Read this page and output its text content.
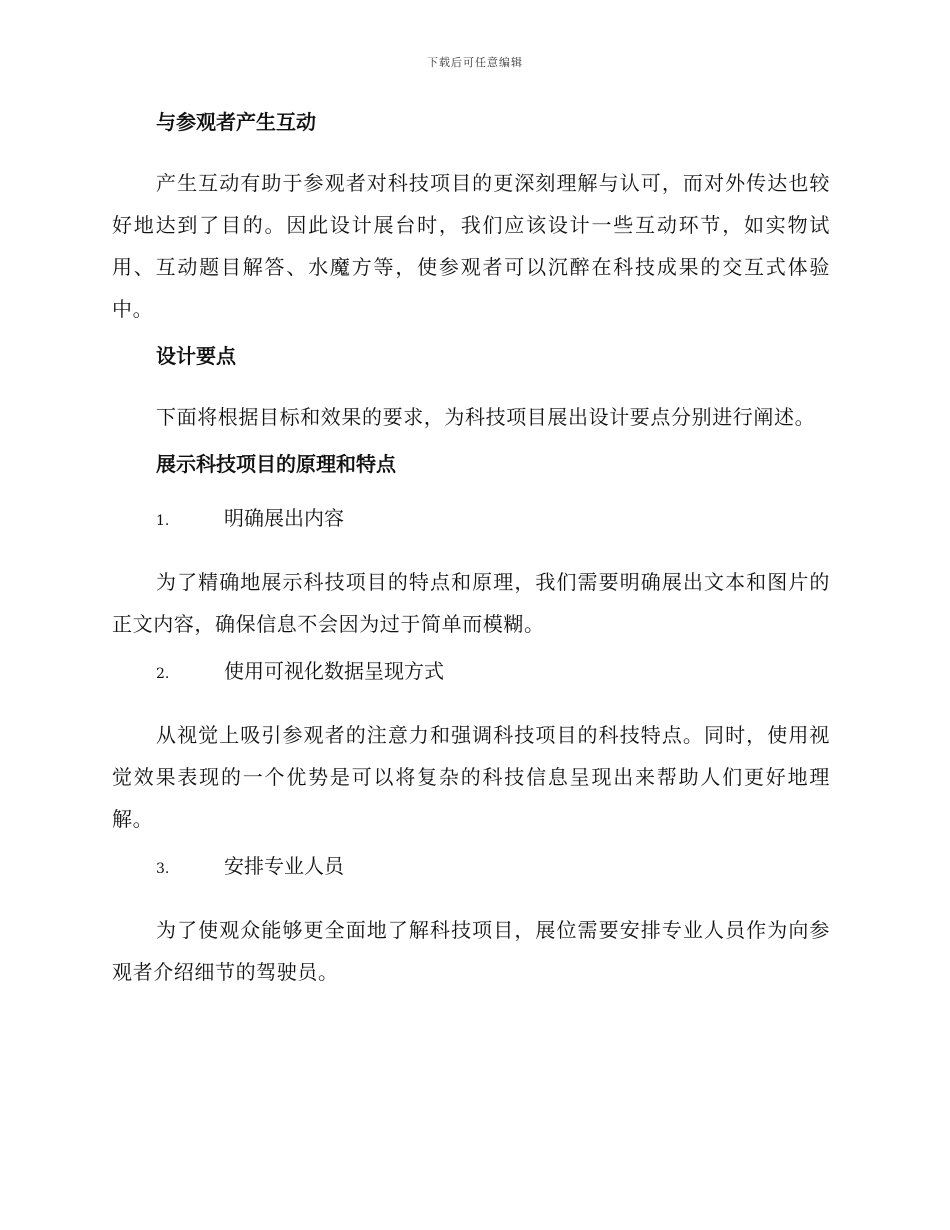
下载后可任意编辑
与参观者产生互动

产生互动有助于参观者对科技项目的更深刻理解与认可，而对外传达也较好地达到了目的。因此设计展台时，我们应该设计一些互动环节，如实物试用、互动题目解答、水魔方等，使参观者可以沉醉在科技成果的交互式体验中。

设计要点

下面将根据目标和效果的要求，为科技项目展出设计要点分别进行阐述。

展示科技项目的原理和特点
1.	明确展出内容

为了精确地展示科技项目的特点和原理，我们需要明确展出文本和图片的正文内容，确保信息不会因为过于简单而模糊。

2.	使用可视化数据呈现方式

从视觉上吸引参观者的注意力和强调科技项目的科技特点。同时，使用视觉效果表现的一个优势是可以将复杂的科技信息呈现出来帮助人们更好地理解。

3.	安排专业人员

为了使观众能够更全面地了解科技项目，展位需要安排专业人员作为向参观者介绍细节的驾驶员。
